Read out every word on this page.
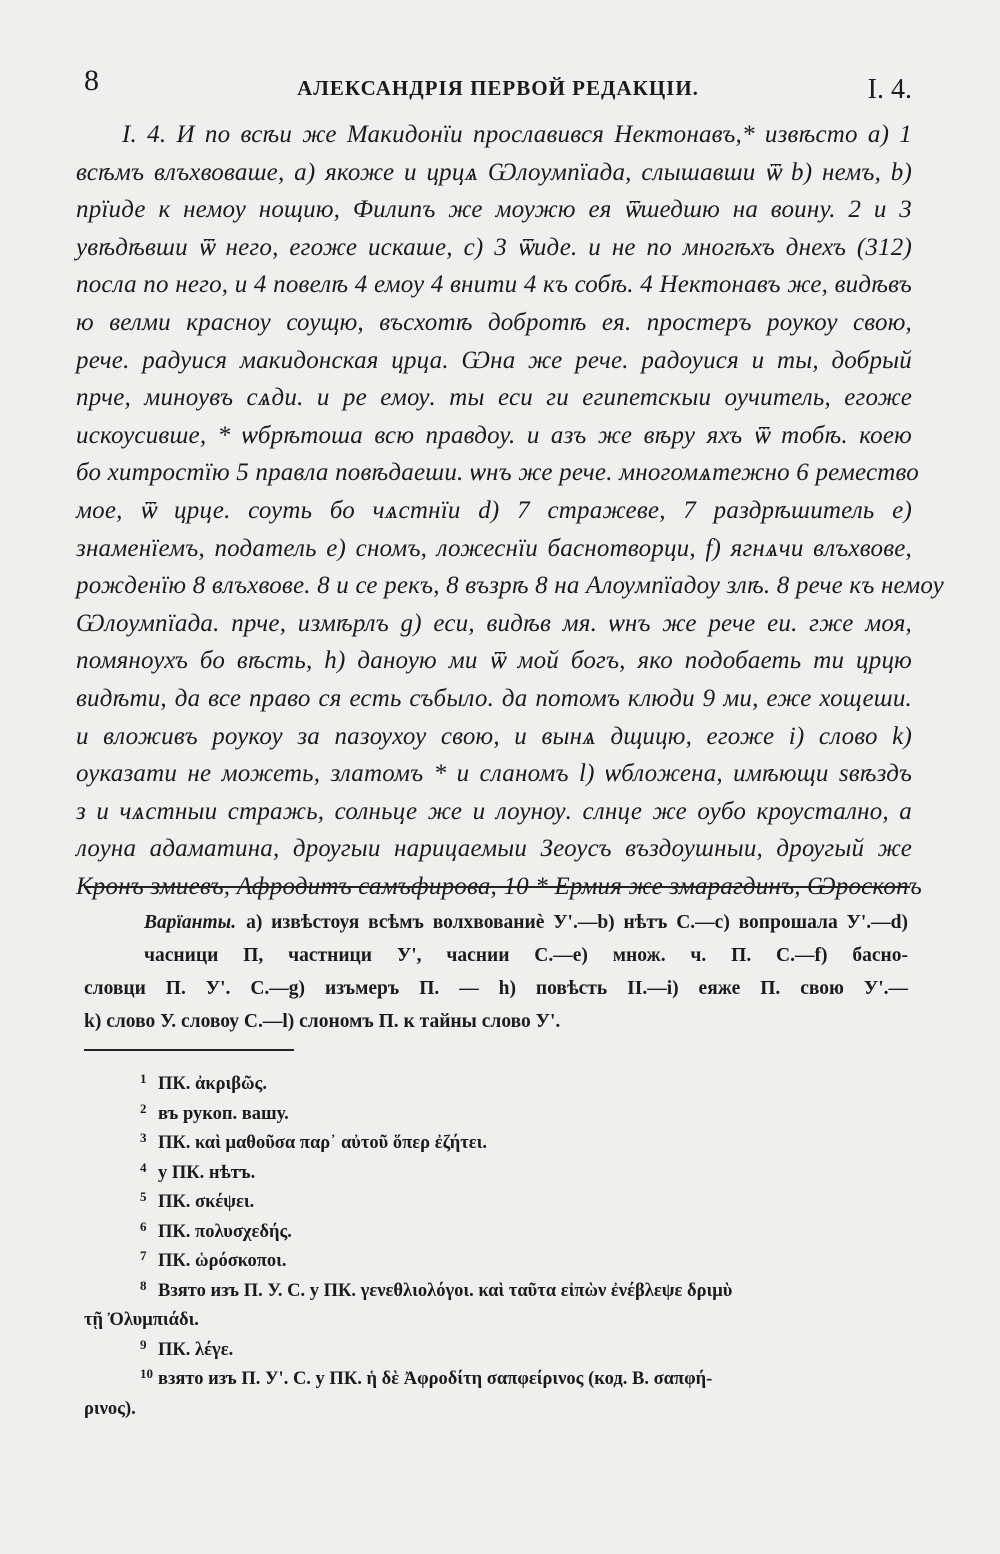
8	АЛЕКСАНДРІЯ ПЕРВОЙ РЕДАКЦІИ.	I. 4.
I. 4. И по всѣи же Макидонïи прославився Нектонавъ,* извѣсто a) 1
всѣмъ влъхвоваше, a) якоже и црцѧ Ѡлоумпïада, слышавши ѿ b) немъ, b)
прïиде к немоу нощию, Филипъ же моужю ея ѿшедшю на воину. 2 и 3
увѣдѣвши ѿ него, егоже искаше, c) 3 ѿиде. и не по многѣхъ днехъ (312)
посла по него, и 4 повелѣ 4 емоу 4 внити 4 къ собѣ. 4 Нектонавъ же, видѣвъ
ю велми красноу соущю, въсхотѣ добротѣ ея. простеръ роукоу свою,
рече. радуися макидонская црца. Ѡна же рече. радоуися и ты, добрый
прче, миноувъ сѧди. и ре емѹ. ты еси ги египетскыи оучитель, егоже
искоусивше, * ѡбрѣтоша всю правдоу. и азъ же вѣру яхъ ѿ тобѣ. коею
бо хитростїю 5 правла повѣдаеши. ѡнъ же рече. многомѧтежно 6 ремество
мое, ѿ црце. соуть бо чѧстнïи d) 7 стражеве, 7 раздрѣшитель e) знаменïемъ, податель e) сномъ, ложеснïи баснотворци, f) ягнѧчи влъхвове,
рожденïю 8 влъхвове. 8 и се рекъ, 8 възрѣ 8 на Алѹмпïадоу злѣ. 8 рече къ немоу
Ѡлоумпïада. прче, измѣрлъ g) еси, видѣв мя. ѡнъ же рече еи. гже моя,
помяноухъ бо вѣсть, h) даноую ми ѿ мой богъ, яко подобаеть ти црцю
видѣти, да все право ся есть събыло. да потомъ клюди 9 ми, еже хощеши.
и вложивъ роукоу за пазѹхоу свою, и вынѧ дщицю, егоже i) слово k)
оуказати не можеть, златомъ * и сланомъ l) ѡбложена, имѣющи ѕвѣздъ
з и чѧстныи стражь, солньце же и лоунѹ. слнце же оубо крѹстално, а
лоуна адаматина, дрѹгыи нарицаемыи Зеоусъ въздоушныи, дрѹгый же
Кронъ змиевъ, Афродитъ самъфирова, 10 * Ермия же змарагдинъ, Ѡроскопъ
Варïанты. a) извѣстоуя всѣмъ волхвованиѐ У'.—b) нѣтъ С.—c) вопрошала У'.—d) часници П, частници У', часнии С.—e) множ. ч. П. С.—f) басно-
словци П. У'. С.—g) изъмеръ П. — h) повѣсть II.—i) еяже П. свою У'.—
k) слово У. словоу С.—l) слономъ П. к тайны слово У'.
1 ПК. ἀκριβῶς.
2 въ рукоп. вашу.
3 ПК. καὶ μαθοῦσα παρ᾽ αὐτοῦ ὅπερ ἐζήτει.
4 у ПК. нѣтъ.
5 ПК. σκέψει.
6 ПК. πολυσχεδής.
7 ПК. ὡρόσκοποι.
8 Взято изъ П. У. С. у ПК. γενεθλιολόγοι. καὶ ταῦτα εἰπὼν ἐνέβλεψε δριμὺ
τῇ Ὀλυμπιάδι.
9 ПК. λέγε.
10 взято изъ П. У'. С. у ПК. ἡ δὲ Ἀφροδίτη σαπφείρινος (код. В. σαπφή-
ρινος).
